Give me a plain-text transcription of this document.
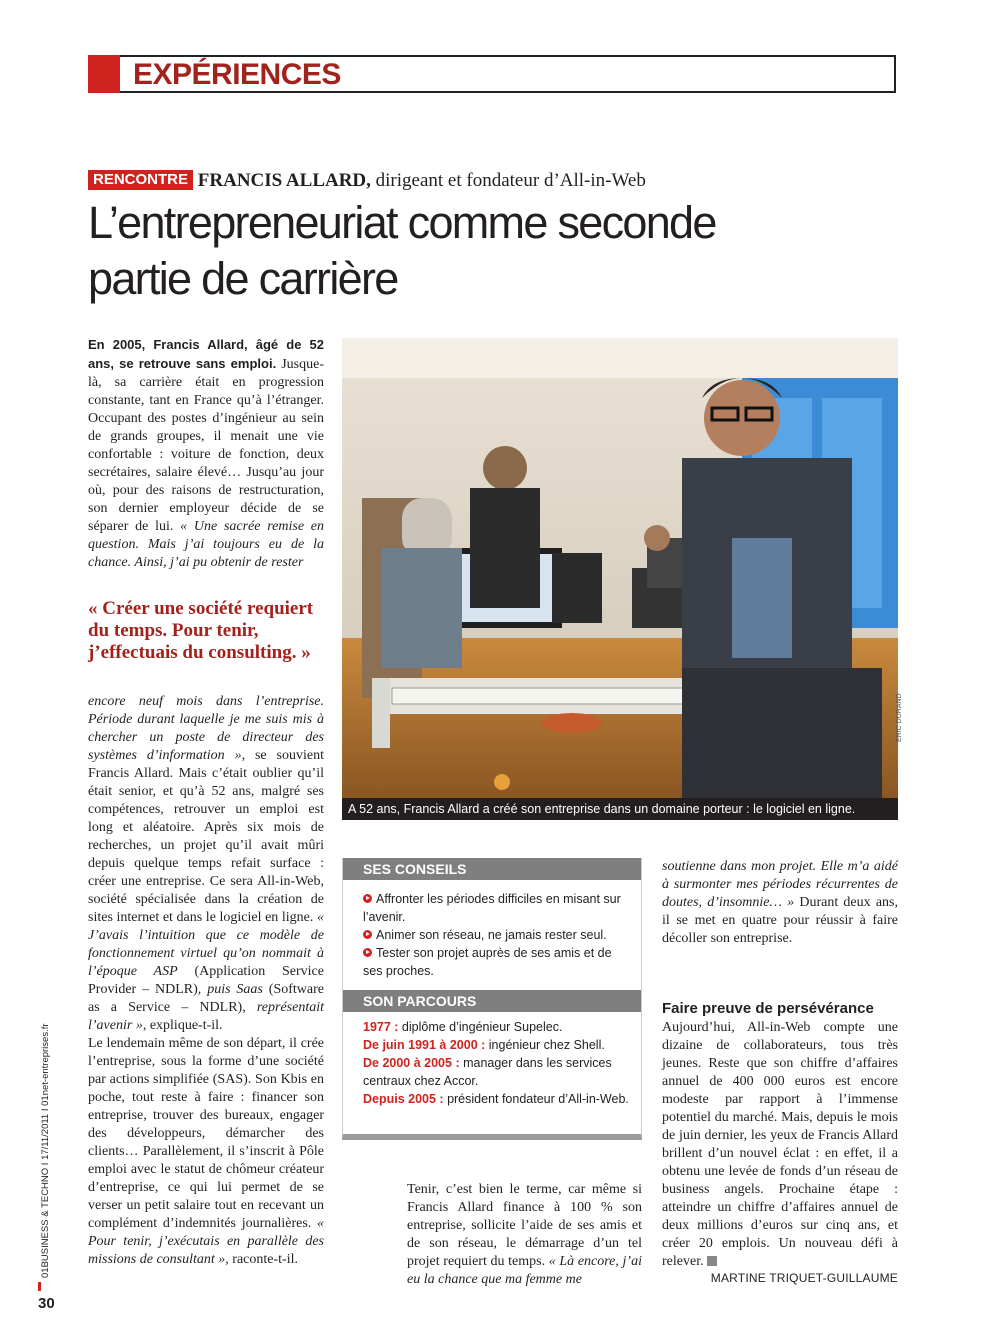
EXPÉRIENCES
RENCONTRE FRANCIS ALLARD, dirigeant et fondateur d’All-in-Web
L’entrepreneuriat comme seconde
partie de carrière

En 2005, Francis Allard, âgé de 52 ans, se retrouve sans emploi. Jusque-là, sa carrière était en progression constante, tant en France qu’à l’étranger. Occupant des postes d’ingénieur au sein de grands groupes, il menait une vie confortable : voiture de fonction, deux secrétaires, salaire élevé… Jusqu’au jour où, pour des raisons de restructuration, son dernier employeur décide de se séparer de lui. « Une sacrée remise en question. Mais j’ai toujours eu de la chance. Ainsi, j’ai pu obtenir de rester

« Créer une société requiert du temps. Pour tenir, j’effectuais du consulting. »

encore neuf mois dans l’entreprise. Période durant laquelle je me suis mis à chercher un poste de directeur des systèmes d’information », se souvient Francis Allard. Mais c’était oublier qu’il était senior, et qu’à 52 ans, malgré ses compétences, retrouver un emploi est long et aléatoire. Après six mois de recherches, un projet qu’il avait mûri depuis quelque temps refait surface : créer une entreprise. Ce sera All-in-Web, société spécialisée dans la création de sites internet et dans le logiciel en ligne. « J’avais l’intuition que ce modèle de fonctionnement virtuel qu’on nommait à l’époque ASP (Application Service Provider – NDLR), puis Saas (Software as a Service – NDLR), représentait l’avenir », explique-t-il.

Le lendemain même de son départ, il crée l’entreprise, sous la forme d’une société par actions simplifiée (SAS). Son Kbis en poche, tout reste à faire : financer son entreprise, trouver des bureaux, engager des développeurs, démarcher des clients… Parallèlement, il s’inscrit à Pôle emploi avec le statut de chômeur créateur d’entreprise, ce qui lui permet de se verser un petit salaire tout en recevant un complément d’indemnités journalières. « Pour tenir, j’exécutais en parallèle des missions de consultant », raconte-t-il.

ERIC DURAND
A 52 ans, Francis Allard a créé son entreprise dans un domaine porteur : le logiciel en ligne.
SES CONSEILS
Affronter les périodes difficiles en misant sur l’avenir.
Animer son réseau, ne jamais rester seul.
Tester son projet auprès de ses amis et de ses proches.
SON PARCOURS
1977 : diplôme d’ingénieur Supelec.
De juin 1991 à 2000 : ingénieur chez Shell.
De 2000 à 2005 : manager dans les services centraux chez Accor.
Depuis 2005 : président fondateur d’All-in-Web.

Tenir, c’est bien le terme, car même si Francis Allard finance à 100 % son entreprise, sollicite l’aide de ses amis et de son réseau, le démarrage d’un tel projet requiert du temps. « Là encore, j’ai eu la chance que ma femme me

soutienne dans mon projet. Elle m’a aidé à surmonter mes périodes récurrentes de doutes, d’insomnie… » Durant deux ans, il se met en quatre pour réussir à faire décoller son entreprise.

Faire preuve de persévérance

Aujourd’hui, All-in-Web compte une dizaine de collaborateurs, tous très jeunes. Reste que son chiffre d’affaires annuel de 400 000 euros est encore modeste par rapport à l’immense potentiel du marché. Mais, depuis le mois de juin dernier, les yeux de Francis Allard brillent d’un nouvel éclat : en effet, il a obtenu une levée de fonds d’un réseau de business angels. Prochaine étape : atteindre un chiffre d’affaires annuel de deux millions d’euros sur cinq ans, et créer 20 emplois. Un nouveau défi à relever.

MARTINE TRIQUET-GUILLAUME
30
01BUSINESS & TECHNO I 17/11/2011 I 01net-entreprises.fr
